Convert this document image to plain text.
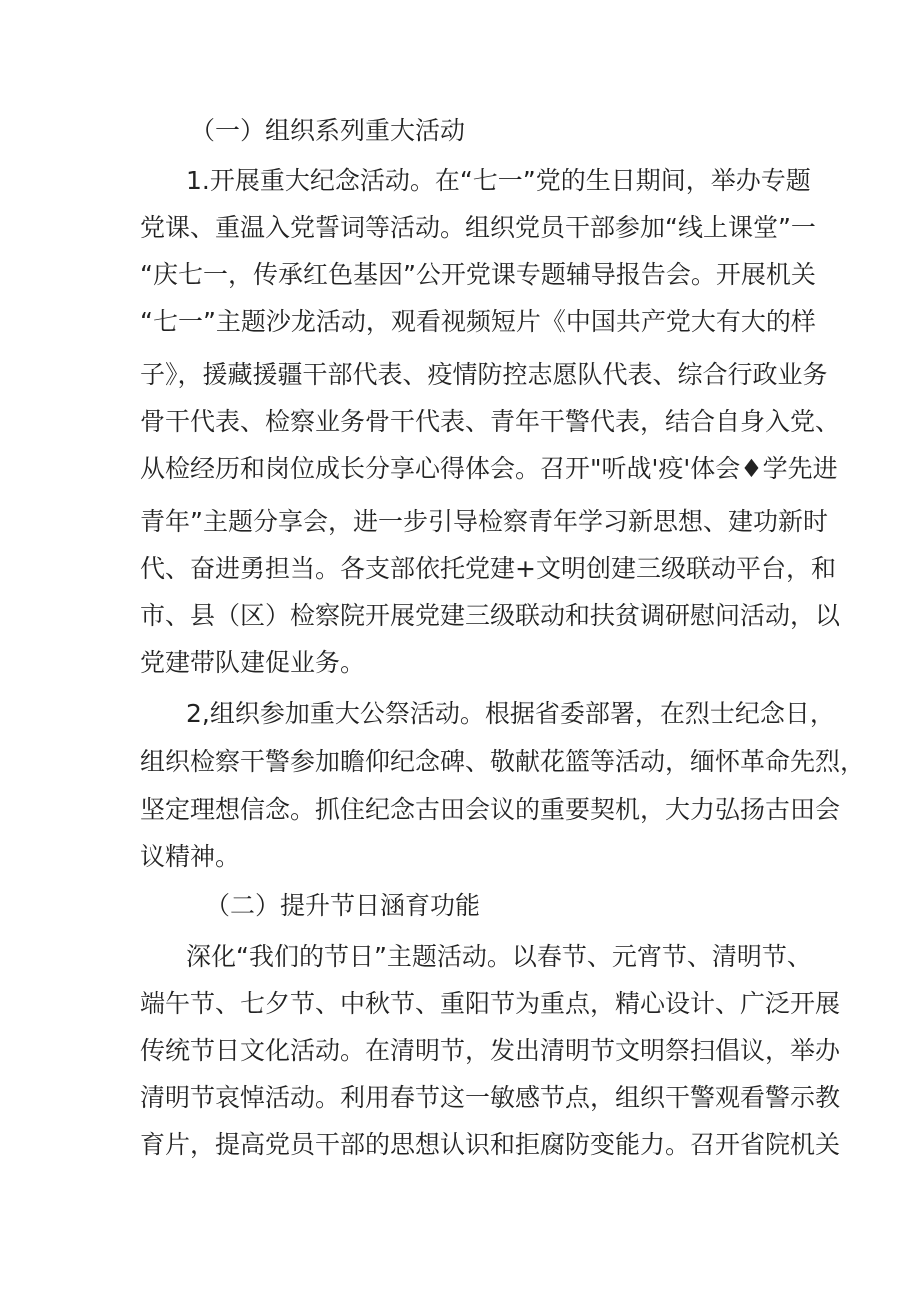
（一）组织系列重大活动

1.开展重大纪念活动。在“七一”党的生日期间，举办专题

党课、重温入党誓词等活动。组织党员干部参加“线上课堂”一

“庆七一，传承红色基因”公开党课专题辅导报告会。开展机关

“七一”主题沙龙活动，观看视频短片《中国共产党大有大的样

子》，援藏援疆干部代表、疫情防控志愿队代表、综合行政业务

骨干代表、检察业务骨干代表、青年干警代表，结合自身入党、

从检经历和岗位成长分享心得体会。召开"听战'疫'体会♦学先进

青年”主题分享会，进一步引导检察青年学习新思想、建功新时

代、奋进勇担当。各支部依托党建+文明创建三级联动平台，和

市、县（区）检察院开展党建三级联动和扶贫调研慰问活动，以

党建带队建促业务。

2,组织参加重大公祭活动。根据省委部署，在烈士纪念日，

组织检察干警参加瞻仰纪念碑、敬献花篮等活动，缅怀革命先烈，

坚定理想信念。抓住纪念古田会议的重要契机，大力弘扬古田会

议精神。

（二）提升节日涵育功能

深化“我们的节日”主题活动。以春节、元宵节、清明节、

端午节、七夕节、中秋节、重阳节为重点，精心设计、广泛开展

传统节日文化活动。在清明节，发出清明节文明祭扫倡议，举办

清明节哀悼活动。利用春节这一敏感节点，组织干警观看警示教

育片，提高党员干部的思想认识和拒腐防变能力。召开省院机关
